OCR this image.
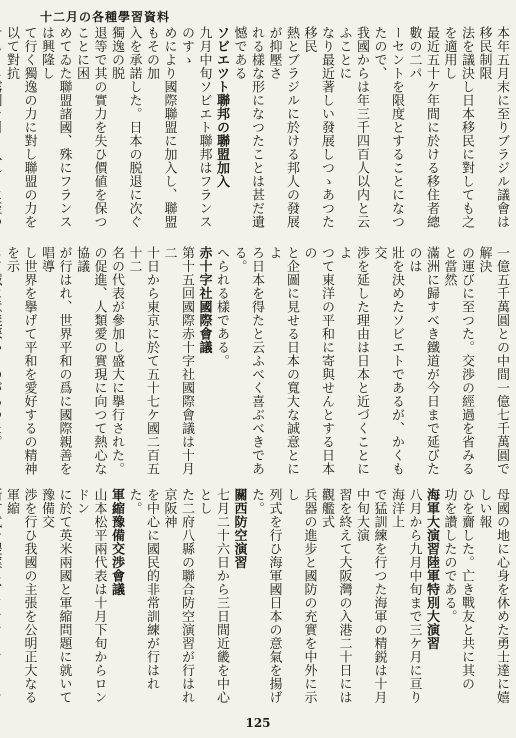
十二月の各種學習資料
本年五月末に至りブラジル議會は移民制限
法を議決し日本移民に對しても之を適用し
最近五十ケ年間に於ける移住者總數の二パ
ーセントを限度とすることになつたので、
我國からは年三千四百人以内と云ふことに
なり最近著しい發展しつゝあつた移民
熱とブラジルに於ける邦人の發展が抑壓さ
れる樣な形になつたことは甚だ遺憾である
ソビエツト聯邦の聯盟加入
九月中旬ソビエト聯邦はフランスのすゝ
めにより國際聯盟に加入し、聯盟もその加
入を承諾した。日本の脱退に次ぐ獨逸の脱
退等で其の實力を失ひ價値を保つことに困
めてゐた聯盟諸國、殊にフランスは興隆し
て行く獨逸の力に對し聯盟の力を以て對抗
一億五千萬圓との中間一億七千萬圓で解決
の運びに至つた。交渉の經過を省みると當然
滿洲に歸すべき鐵道が今日まで延びたのは
壯を決めたソビエトであるが、かくも交
渉を延した理由は日本と近づくことによ
つて東洋の平和に寄與せんとする日本の
と企圖に見せる日本の寬大な誠意とによ
ろ日本を得たと云ふべく喜ぶべきである。
へられる樣である。
赤十字社國際會議
第十五回國際赤十字社國際會議は十月二
十日から東京に於て五十七ケ國二百五十二
名の代表が參加し盛大に擧行された。
の促進、人類愛の實現に向つて熱心な協議
が行はれ、世界平和の爲に國際親善を唱導
し世界を擧げて平和を愛好するの精神を示
母國の地に心身を休めた勇士達に嬉しい報
ひを齎した。亡き戰友と共に其の
功を讚したのである。
海軍大演習陸軍特別大演習
八月から九月中旬まで三ケ月に亘り海洋上
で猛訓練を行つた海軍の精鋭は十月中旬大演
習を終えて大阪灣の入港二十日には觀艦式
兵器の進步と國防の充實を中外に示し
列式を行ひ海軍國日本の意氣を揚げた。
關西防空演習
七月二十六日から三日間近畿を中心とし
た二府八縣の聯合防空演習が行はれ京阪神
を中心に國民的非常訓練が行はれた。
軍縮豫備交渉會議
山本松平兩代表は十月下旬からロンドン
に於て英米兩國と軍縮問題に就いて豫備交
渉を行ひ我國の主張を公明正大なる軍縮
125
